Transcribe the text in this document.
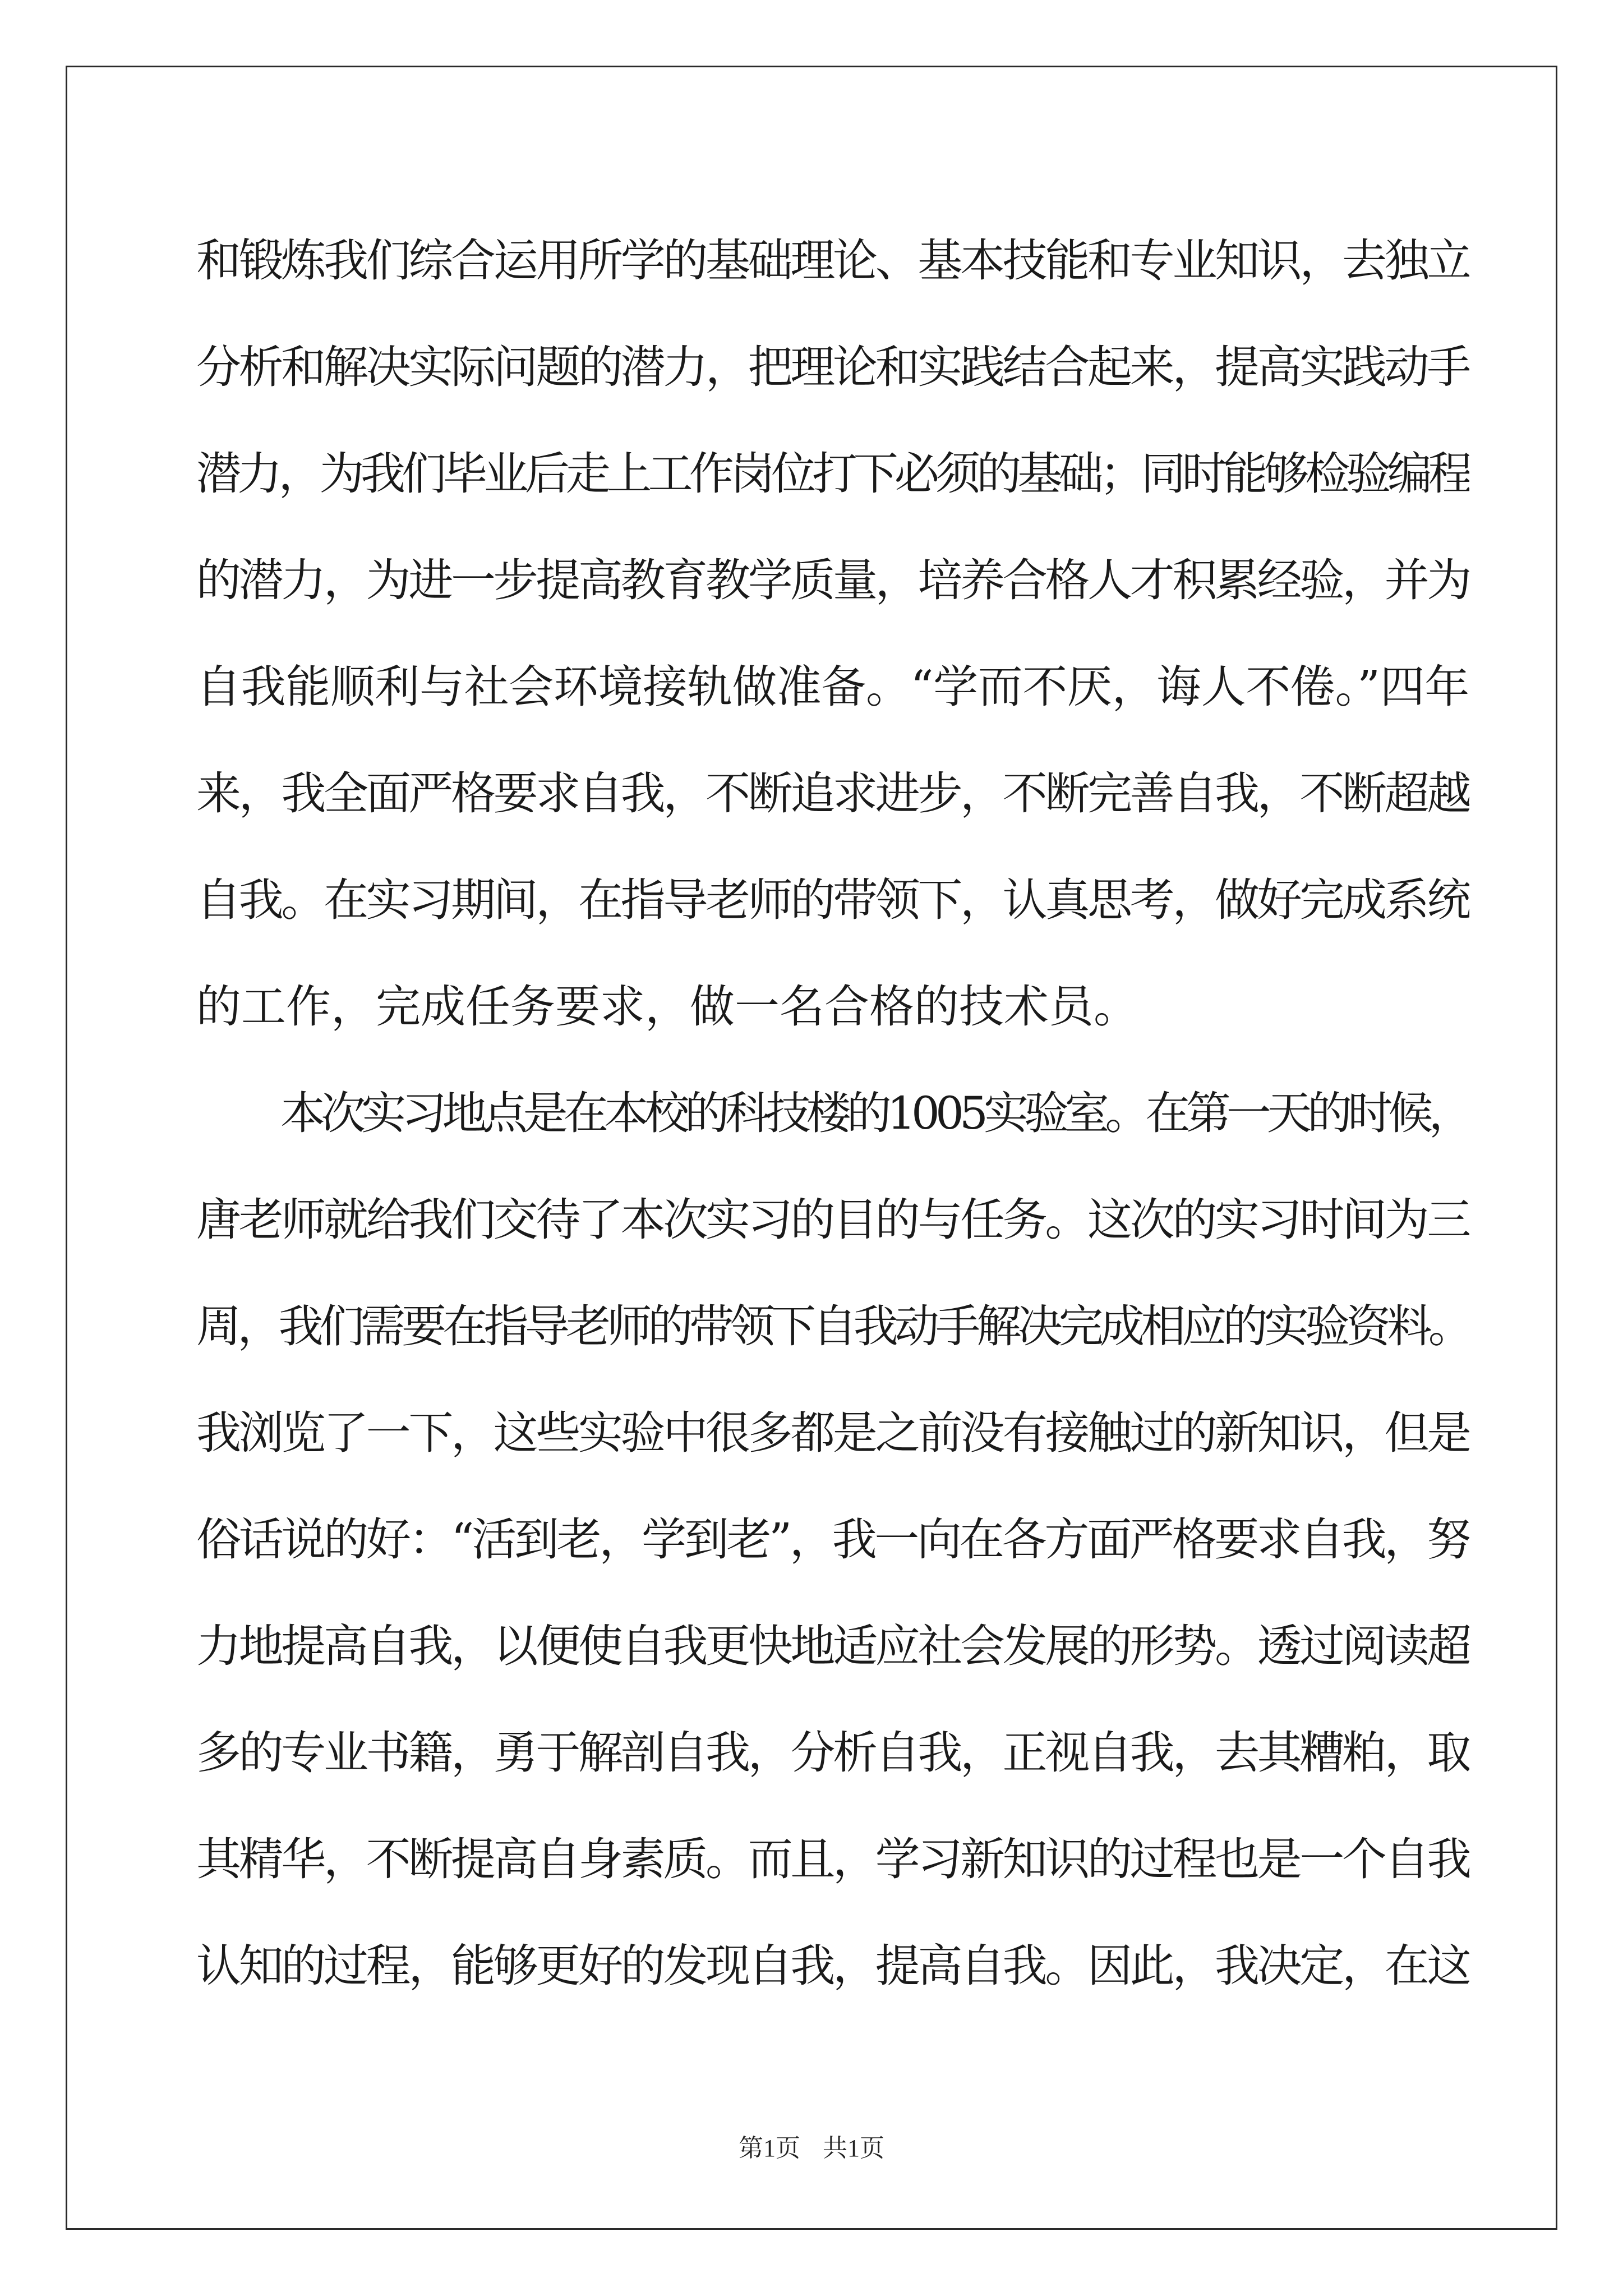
和锻炼我们综合运用所学的基础理论、基本技能和专业知识，去独立
分析和解决实际问题的潜力，把理论和实践结合起来，提高实践动手
潜力，为我们毕业后走上工作岗位打下必须的基础；同时能够检验编程
的潜力，为进一步提高教育教学质量，培养合格人才积累经验，并为
自我能顺利与社会环境接轨做准备。“学而不厌，诲人不倦。”四年
来，我全面严格要求自我，不断追求进步，不断完善自我，不断超越
自我。在实习期间，在指导老师的带领下，认真思考，做好完成系统
的工作，完成任务要求，做一名合格的技术员。
本次实习地点是在本校的科技楼的1005实验室。在第一天的时候，
唐老师就给我们交待了本次实习的目的与任务。这次的实习时间为三
周，我们需要在指导老师的带领下自我动手解决完成相应的实验资料。
我浏览了一下，这些实验中很多都是之前没有接触过的新知识，但是
俗话说的好：“活到老，学到老”，我一向在各方面严格要求自我，努
力地提高自我，以便使自我更快地适应社会发展的形势。透过阅读超
多的专业书籍，勇于解剖自我，分析自我，正视自我，去其糟粕，取
其精华，不断提高自身素质。而且，学习新知识的过程也是一个自我
认知的过程，能够更好的发现自我，提高自我。因此，我决定，在这
第1页 共1页
